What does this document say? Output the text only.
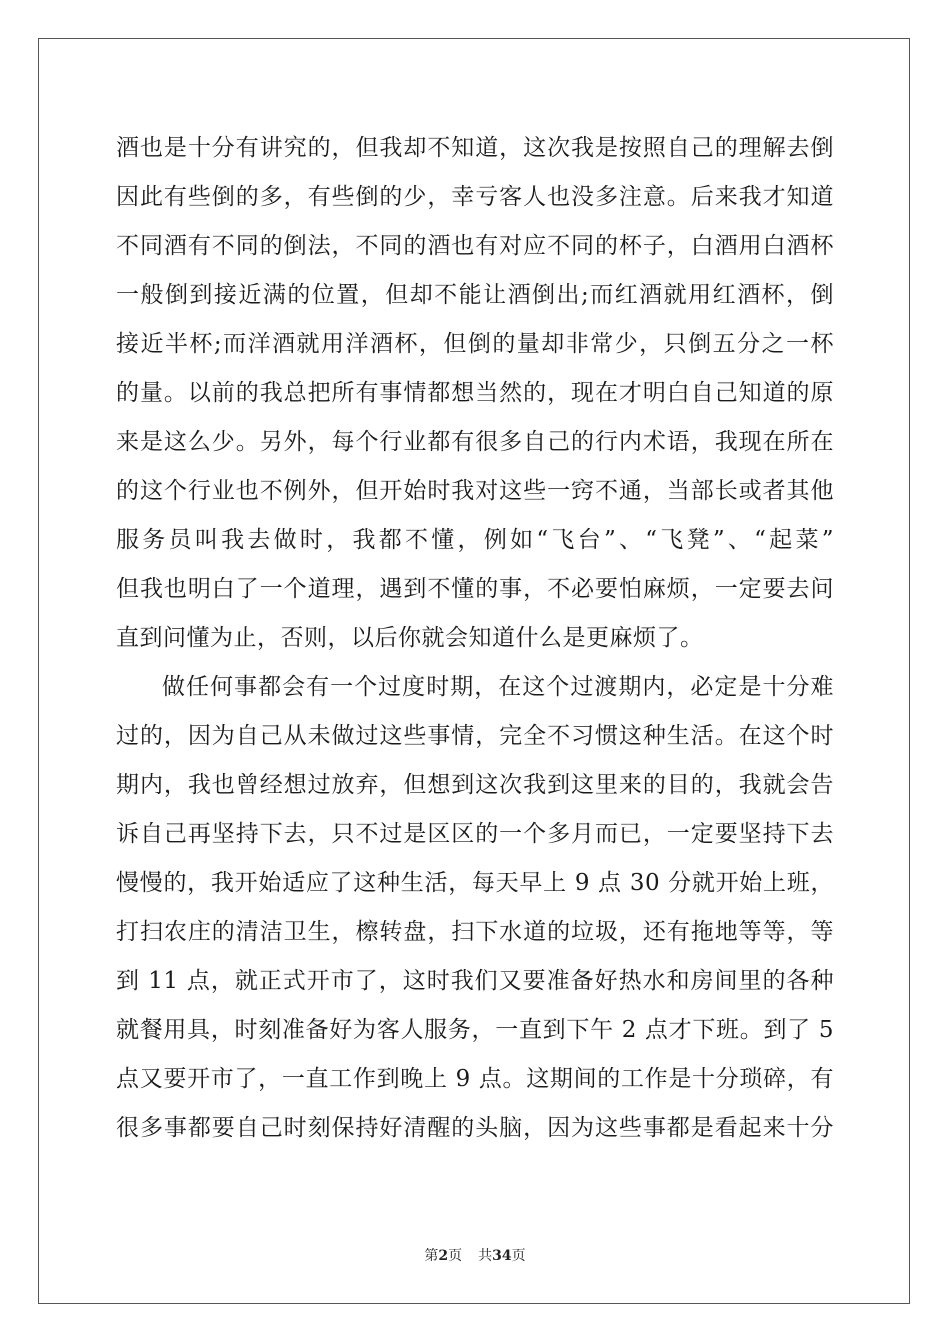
酒也是十分有讲究的，但我却不知道，这次我是按照自己的理解去倒
因此有些倒的多，有些倒的少，幸亏客人也没多注意。后来我才知道
不同酒有不同的倒法，不同的酒也有对应不同的杯子，白酒用白酒杯
一般倒到接近满的位置，但却不能让酒倒出;而红酒就用红酒杯，倒
接近半杯;而洋酒就用洋酒杯，但倒的量却非常少，只倒五分之一杯
的量。以前的我总把所有事情都想当然的，现在才明白自己知道的原
来是这么少。另外，每个行业都有很多自己的行内术语，我现在所在
的这个行业也不例外，但开始时我对这些一窍不通，当部长或者其他
服务员叫我去做时，我都不懂，例如“飞台”、“飞凳”、“起菜”
但我也明白了一个道理，遇到不懂的事，不必要怕麻烦，一定要去问
直到问懂为止，否则，以后你就会知道什么是更麻烦了。
做任何事都会有一个过度时期，在这个过渡期内，必定是十分难
过的，因为自己从未做过这些事情，完全不习惯这种生活。在这个时
期内，我也曾经想过放弃，但想到这次我到这里来的目的，我就会告
诉自己再坚持下去，只不过是区区的一个多月而已，一定要坚持下去
慢慢的，我开始适应了这种生活，每天早上 9 点 30 分就开始上班，
打扫农庄的清洁卫生，檫转盘，扫下水道的垃圾，还有拖地等等，等
到 11 点，就正式开市了，这时我们又要准备好热水和房间里的各种
就餐用具，时刻准备好为客人服务，一直到下午 2 点才下班。到了 5
点又要开市了，一直工作到晚上 9 点。这期间的工作是十分琐碎，有
很多事都要自己时刻保持好清醒的头脑，因为这些事都是看起来十分
第2页 共34页
